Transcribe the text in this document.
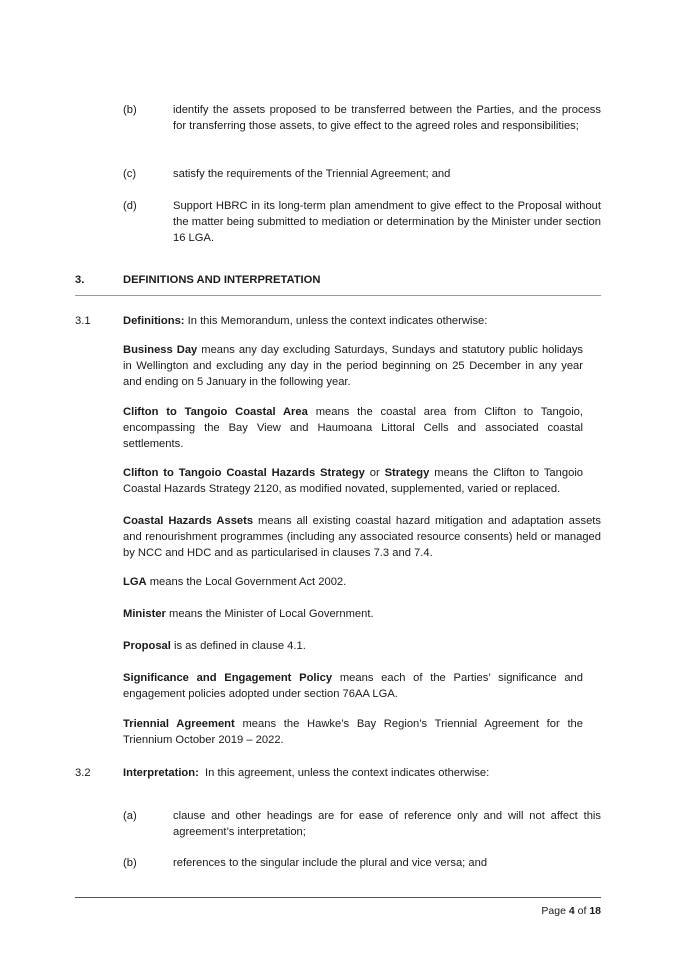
(b)	identify the assets proposed to be transferred between the Parties, and the process for transferring those assets, to give effect to the agreed roles and responsibilities;

(c)	satisfy the requirements of the Triennial Agreement; and

(d)	Support HBRC in its long-term plan amendment to give effect to the Proposal without the matter being submitted to mediation or determination by the Minister under section 16 LGA.

3.	DEFINITIONS AND INTERPRETATION
3.1	Definitions: In this Memorandum, unless the context indicates otherwise:

Business Day means any day excluding Saturdays, Sundays and statutory public holidays in Wellington and excluding any day in the period beginning on 25 December in any year and ending on 5 January in the following year.

Clifton to Tangoio Coastal Area means the coastal area from Clifton to Tangoio, encompassing the Bay View and Haumoana Littoral Cells and associated coastal settlements.

Clifton to Tangoio Coastal Hazards Strategy or Strategy means the Clifton to Tangoio Coastal Hazards Strategy 2120, as modified novated, supplemented, varied or replaced.

Coastal Hazards Assets means all existing coastal hazard mitigation and adaptation assets and renourishment programmes (including any associated resource consents) held or managed by NCC and HDC and as particularised in clauses 7.3 and 7.4.

LGA means the Local Government Act 2002.

Minister means the Minister of Local Government.

Proposal is as defined in clause 4.1.

Significance and Engagement Policy means each of the Parties’ significance and engagement policies adopted under section 76AA LGA.

Triennial Agreement means the Hawke’s Bay Region’s Triennial Agreement for the Triennium October 2019 – 2022.

3.2	Interpretation: In this agreement, unless the context indicates otherwise:

(a)	clause and other headings are for ease of reference only and will not affect this agreement’s interpretation;

(b)	references to the singular include the plural and vice versa; and

Page 4 of 18
